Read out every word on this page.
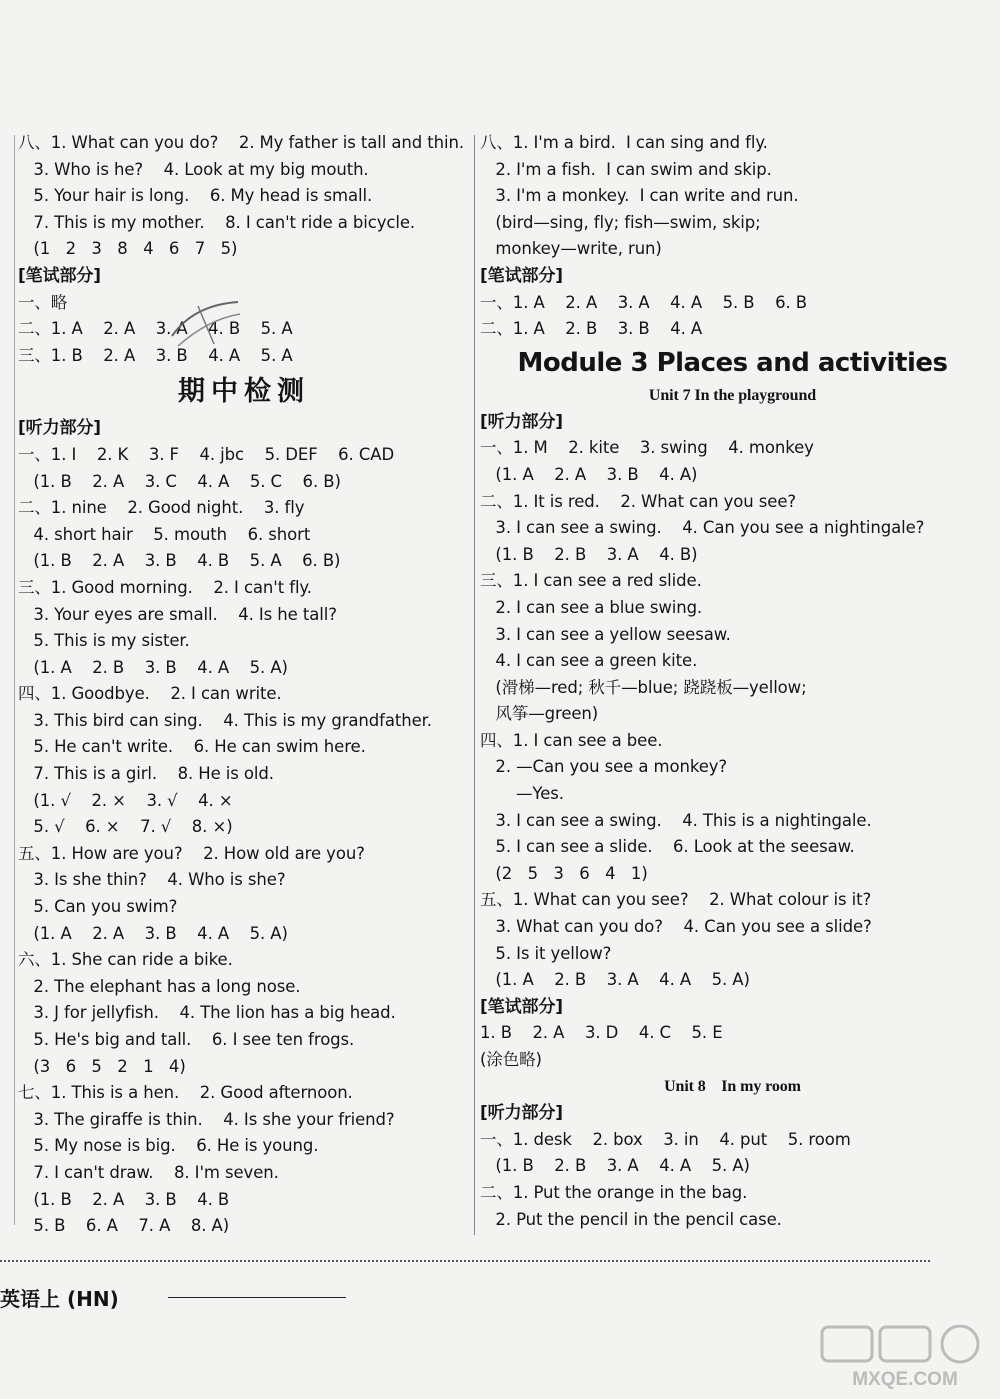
八、1. What can you do?    2. My father is tall and thin.
3. Who is he?    4. Look at my big mouth.
5. Your hair is long.    6. My head is small.
7. This is my mother.    8. I can't ride a bicycle.
(1   2   3   8   4   6   7   5)
[笔试部分]
一、略
二、1. A    2. A    3. A    4. B    5. A
三、1. B    2. A    3. B    4. A    5. A
期中检测
[听力部分]
一、1. I    2. K    3. F    4. jbc    5. DEF    6. CAD
(1. B    2. A    3. C    4. A    5. C    6. B)
二、1. nine    2. Good night.    3. fly
4. short hair    5. mouth    6. short
(1. B    2. A    3. B    4. B    5. A    6. B)
三、1. Good morning.    2. I can't fly.
3. Your eyes are small.    4. Is he tall?
5. This is my sister.
(1. A    2. B    3. B    4. A    5. A)
四、1. Goodbye.    2. I can write.
3. This bird can sing.    4. This is my grandfather.
5. He can't write.    6. He can swim here.
7. This is a girl.    8. He is old.
(1. √    2. ×    3. √    4. ×
5. √    6. ×    7. √    8. ×)
五、1. How are you?    2. How old are you?
3. Is she thin?    4. Who is she?
5. Can you swim?
(1. A    2. A    3. B    4. A    5. A)
六、1. She can ride a bike.
2. The elephant has a long nose.
3. J for jellyfish.    4. The lion has a big head.
5. He's big and tall.    6. I see ten frogs.
(3   6   5   2   1   4)
七、1. This is a hen.    2. Good afternoon.
3. The giraffe is thin.    4. Is she your friend?
5. My nose is big.    6. He is young.
7. I can't draw.    8. I'm seven.
(1. B    2. A    3. B    4. B
5. B    6. A    7. A    8. A)
八、1. I'm a bird.  I can sing and fly.
2. I'm a fish.  I can swim and skip.
3. I'm a monkey.  I can write and run.
(bird—sing, fly; fish—swim, skip;
monkey—write, run)
[笔试部分]
一、1. A    2. A    3. A    4. A    5. B    6. B
二、1. A    2. B    3. B    4. A
Module 3 Places and activities
Unit 7 In the playground
[听力部分]
一、1. M    2. kite    3. swing    4. monkey
(1. A    2. A    3. B    4. A)
二、1. It is red.    2. What can you see?
3. I can see a swing.    4. Can you see a nightingale?
(1. B    2. B    3. A    4. B)
三、1. I can see a red slide.
2. I can see a blue swing.
3. I can see a yellow seesaw.
4. I can see a green kite.
(滑梯—red; 秋千—blue; 跷跷板—yellow;
风筝—green)
四、1. I can see a bee.
2. —Can you see a monkey?
—Yes.
3. I can see a swing.    4. This is a nightingale.
5. I can see a slide.    6. Look at the seesaw.
(2   5   3   6   4   1)
五、1. What can you see?    2. What colour is it?
3. What can you do?    4. Can you see a slide?
5. Is it yellow?
(1. A    2. B    3. A    4. A    5. A)
[笔试部分]
1. B    2. A    3. D    4. C    5. E
(涂色略)
Unit 8    In my room
[听力部分]
一、1. desk    2. box    3. in    4. put    5. room
(1. B    2. B    3. A    4. A    5. A)
二、1. Put the orange in the bag.
2. Put the pencil in the pencil case.
英语上 (HN)
MXQE.COM
